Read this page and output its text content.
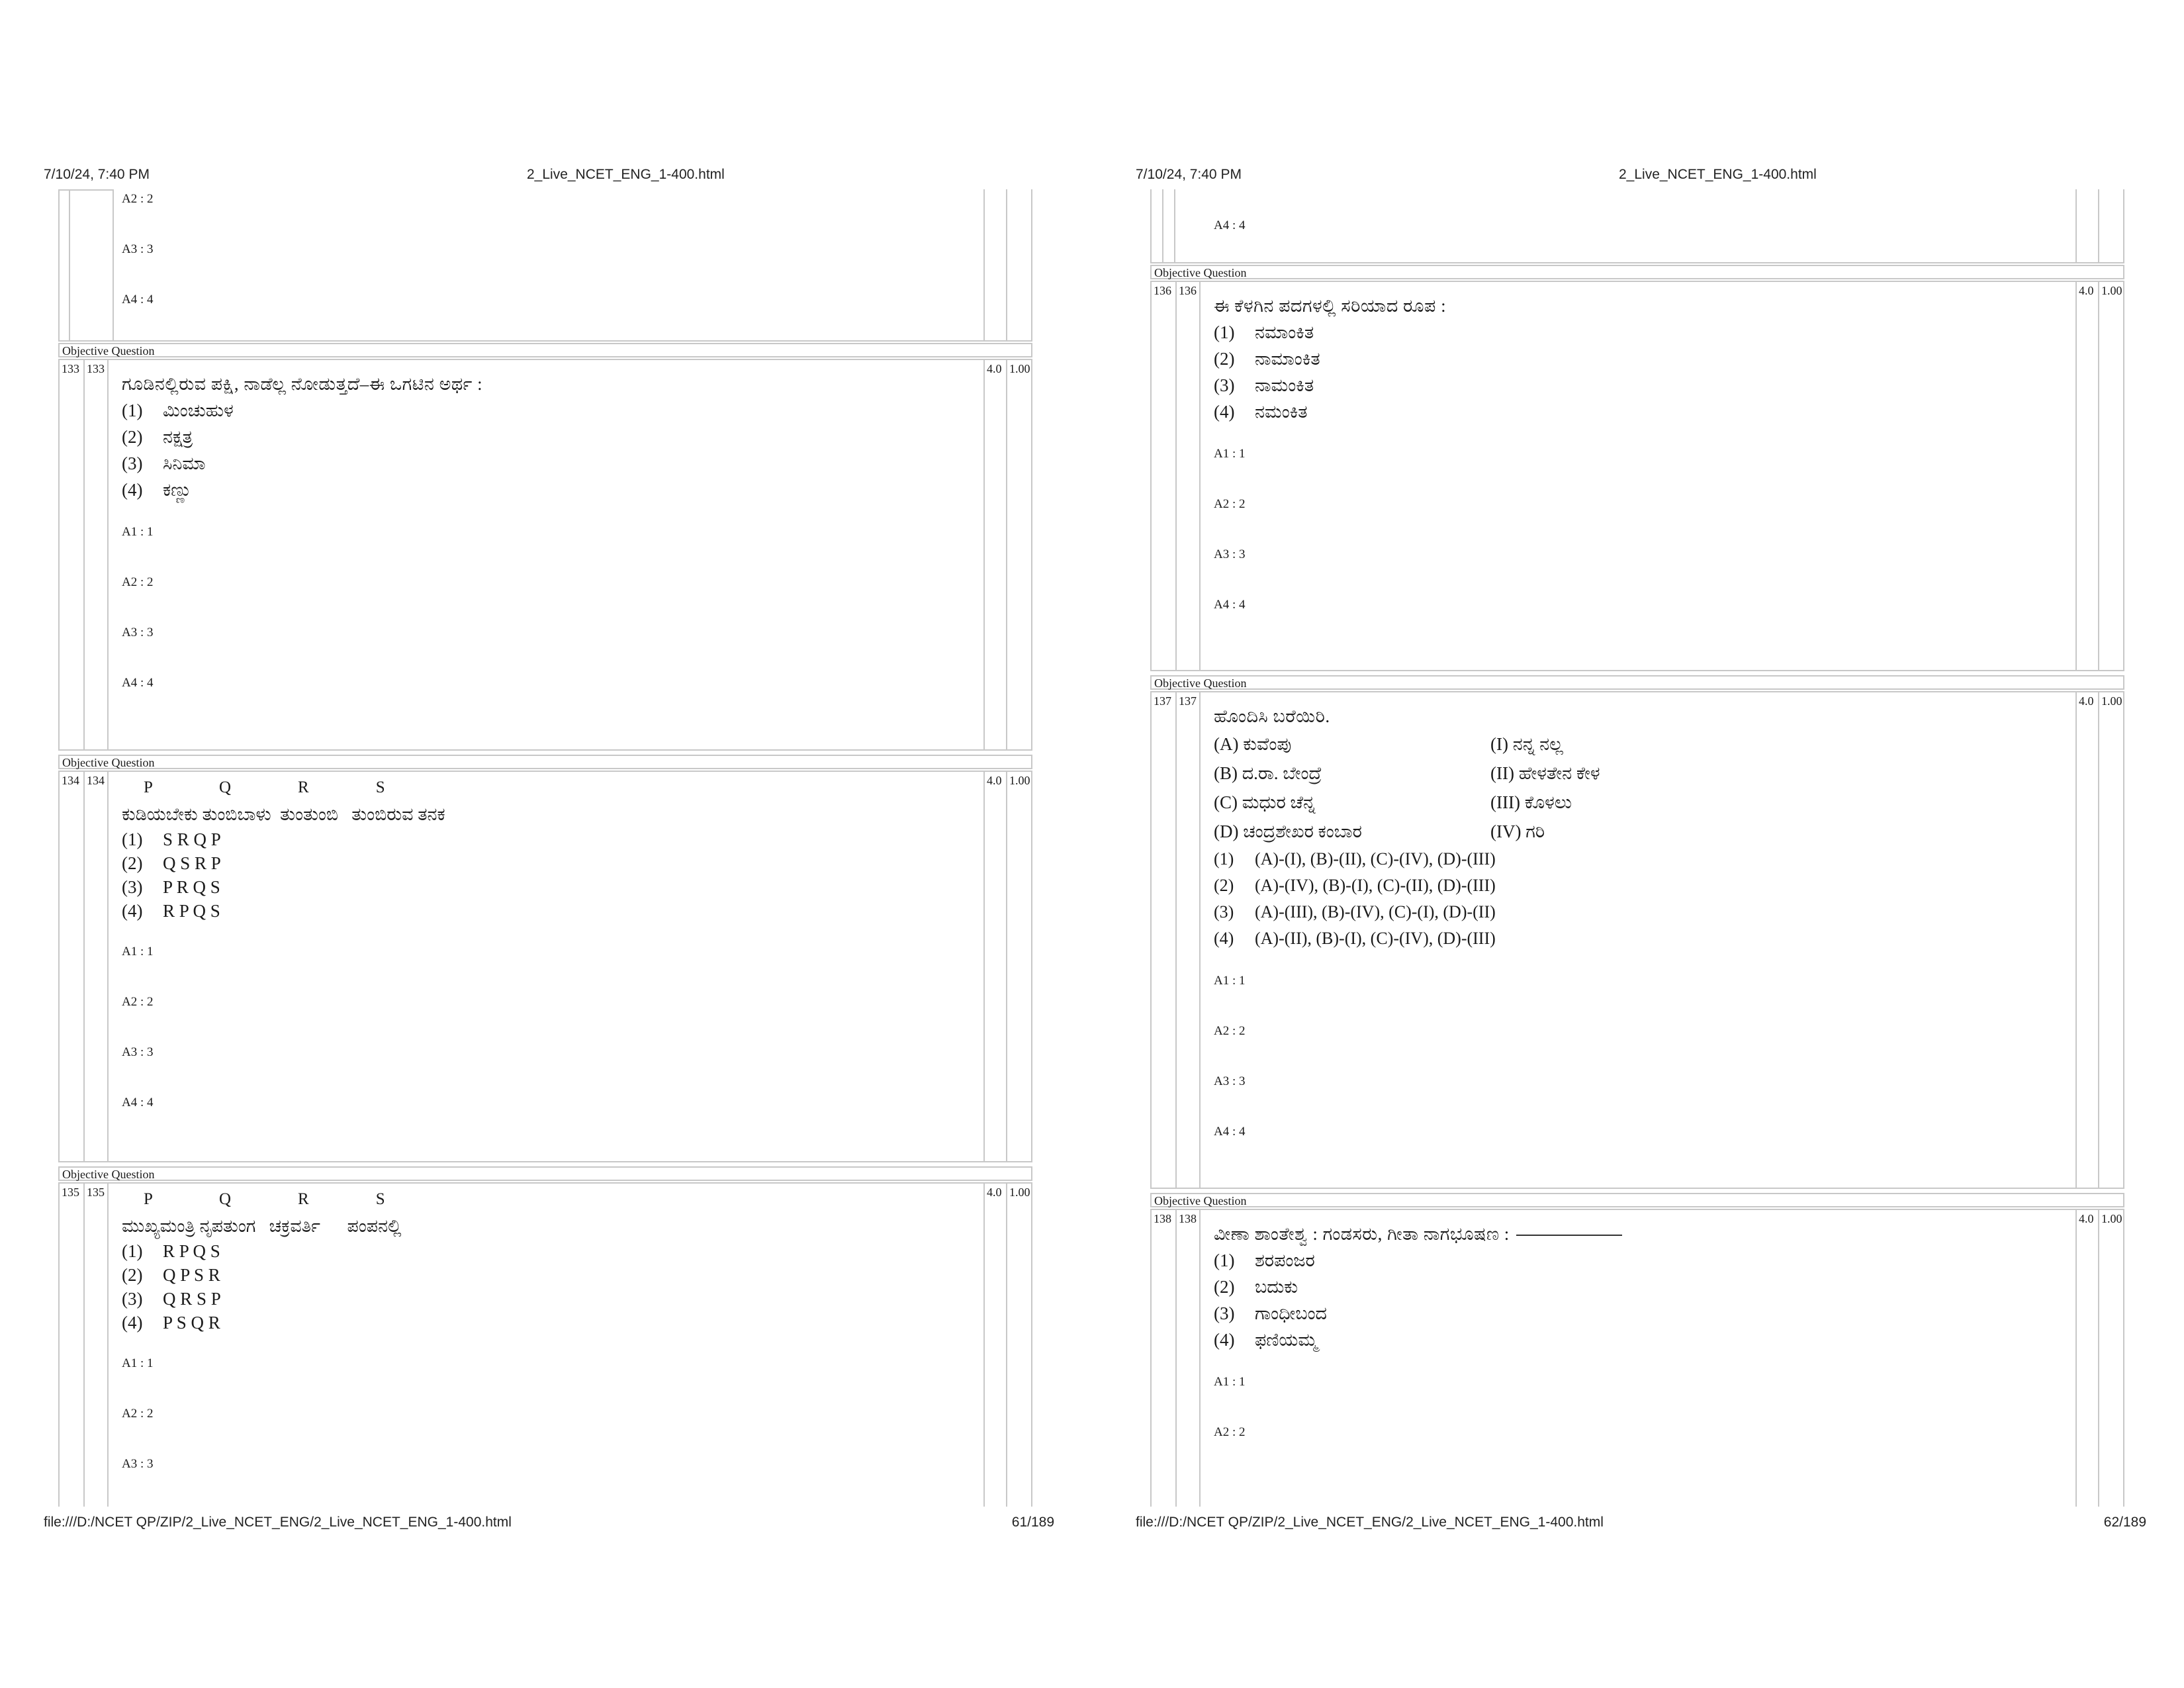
7/10/24, 7:40 PM	2_Live_NCET_ENG_1-400.html
A2 : 2
A3 : 3
A4 : 4
Objective Question
133 133	4.0 1.00
ಗೂಡಿನಲ್ಲಿರುವ ಪಕ್ಷಿ, ನಾಡೆಲ್ಲ ನೋಡುತ್ತದೆ–ಈ ಒಗಟಿನ ಅರ್ಥ :
(1) ಮಿಂಚುಹುಳ
(2) ನಕ್ಷತ್ರ
(3) ಸಿನಿಮಾ
(4) ಕಣ್ಣು
A1 : 1
A2 : 2
A3 : 3
A4 : 4
Objective Question
134 134	4.0 1.00
P            Q            R            S
ಕುಡಿಯಬೇಕು ತುಂಬಿಬಾಳು  ತುಂತುಂಬಿ   ತುಂಬಿರುವ ತನಕ
(1) S R Q P
(2) Q S R P
(3) P R Q S
(4) R P Q S
A1 : 1
A2 : 2
A3 : 3
A4 : 4
Objective Question
135 135	4.0 1.00
P            Q            R            S
ಮುಖ್ಯಮಂತ್ರಿ ನೃಪತುಂಗ   ಚಕ್ರವರ್ತಿ      ಪಂಪನಲ್ಲಿ
(1) R P Q S
(2) Q P S R
(3) Q R S P
(4) P S Q R
A1 : 1
A2 : 2
A3 : 3
file:///D:/NCET QP/ZIP/2_Live_NCET_ENG/2_Live_NCET_ENG_1-400.html	61/189
7/10/24, 7:40 PM	2_Live_NCET_ENG_1-400.html
A4 : 4
Objective Question
136 136	4.0 1.00
ಈ ಕೆಳಗಿನ ಪದಗಳಲ್ಲಿ ಸರಿಯಾದ ರೂಪ :
(1) ನಮಾಂಕಿತ
(2) ನಾಮಾಂಕಿತ
(3) ನಾಮಂಕಿತ
(4) ನಮಂಕಿತ
A1 : 1
A2 : 2
A3 : 3
A4 : 4
Objective Question
137 137	4.0 1.00
ಹೊಂದಿಸಿ ಬರೆಯಿರಿ.
(A) ಕುವೆಂಪು	(I) ನನ್ನ ನಲ್ಲ
(B) ದ.ರಾ. ಬೇಂದ್ರೆ	(II) ಹೇಳತೇನ ಕೇಳ
(C) ಮಧುರ ಚೆನ್ನ	(III) ಕೊಳಲು
(D) ಚಂದ್ರಶೇಖರ ಕಂಬಾರ	(IV) ಗರಿ
(1) (A)-(I), (B)-(II), (C)-(IV), (D)-(III)
(2) (A)-(IV), (B)-(I), (C)-(II), (D)-(III)
(3) (A)-(III), (B)-(IV), (C)-(I), (D)-(II)
(4) (A)-(II), (B)-(I), (C)-(IV), (D)-(III)
A1 : 1
A2 : 2
A3 : 3
A4 : 4
Objective Question
138 138	4.0 1.00
ವೀಣಾ ಶಾಂತೇಶ್ವ : ಗಂಡಸರು, ಗೀತಾ ನಾಗಭೂಷಣ :
(1) ಶರಪಂಜರ
(2) ಬದುಕು
(3) ಗಾಂಧೀಬಂದ
(4) ಫಣಿಯಮ್ಮ
A1 : 1
A2 : 2
file:///D:/NCET QP/ZIP/2_Live_NCET_ENG/2_Live_NCET_ENG_1-400.html	62/189
